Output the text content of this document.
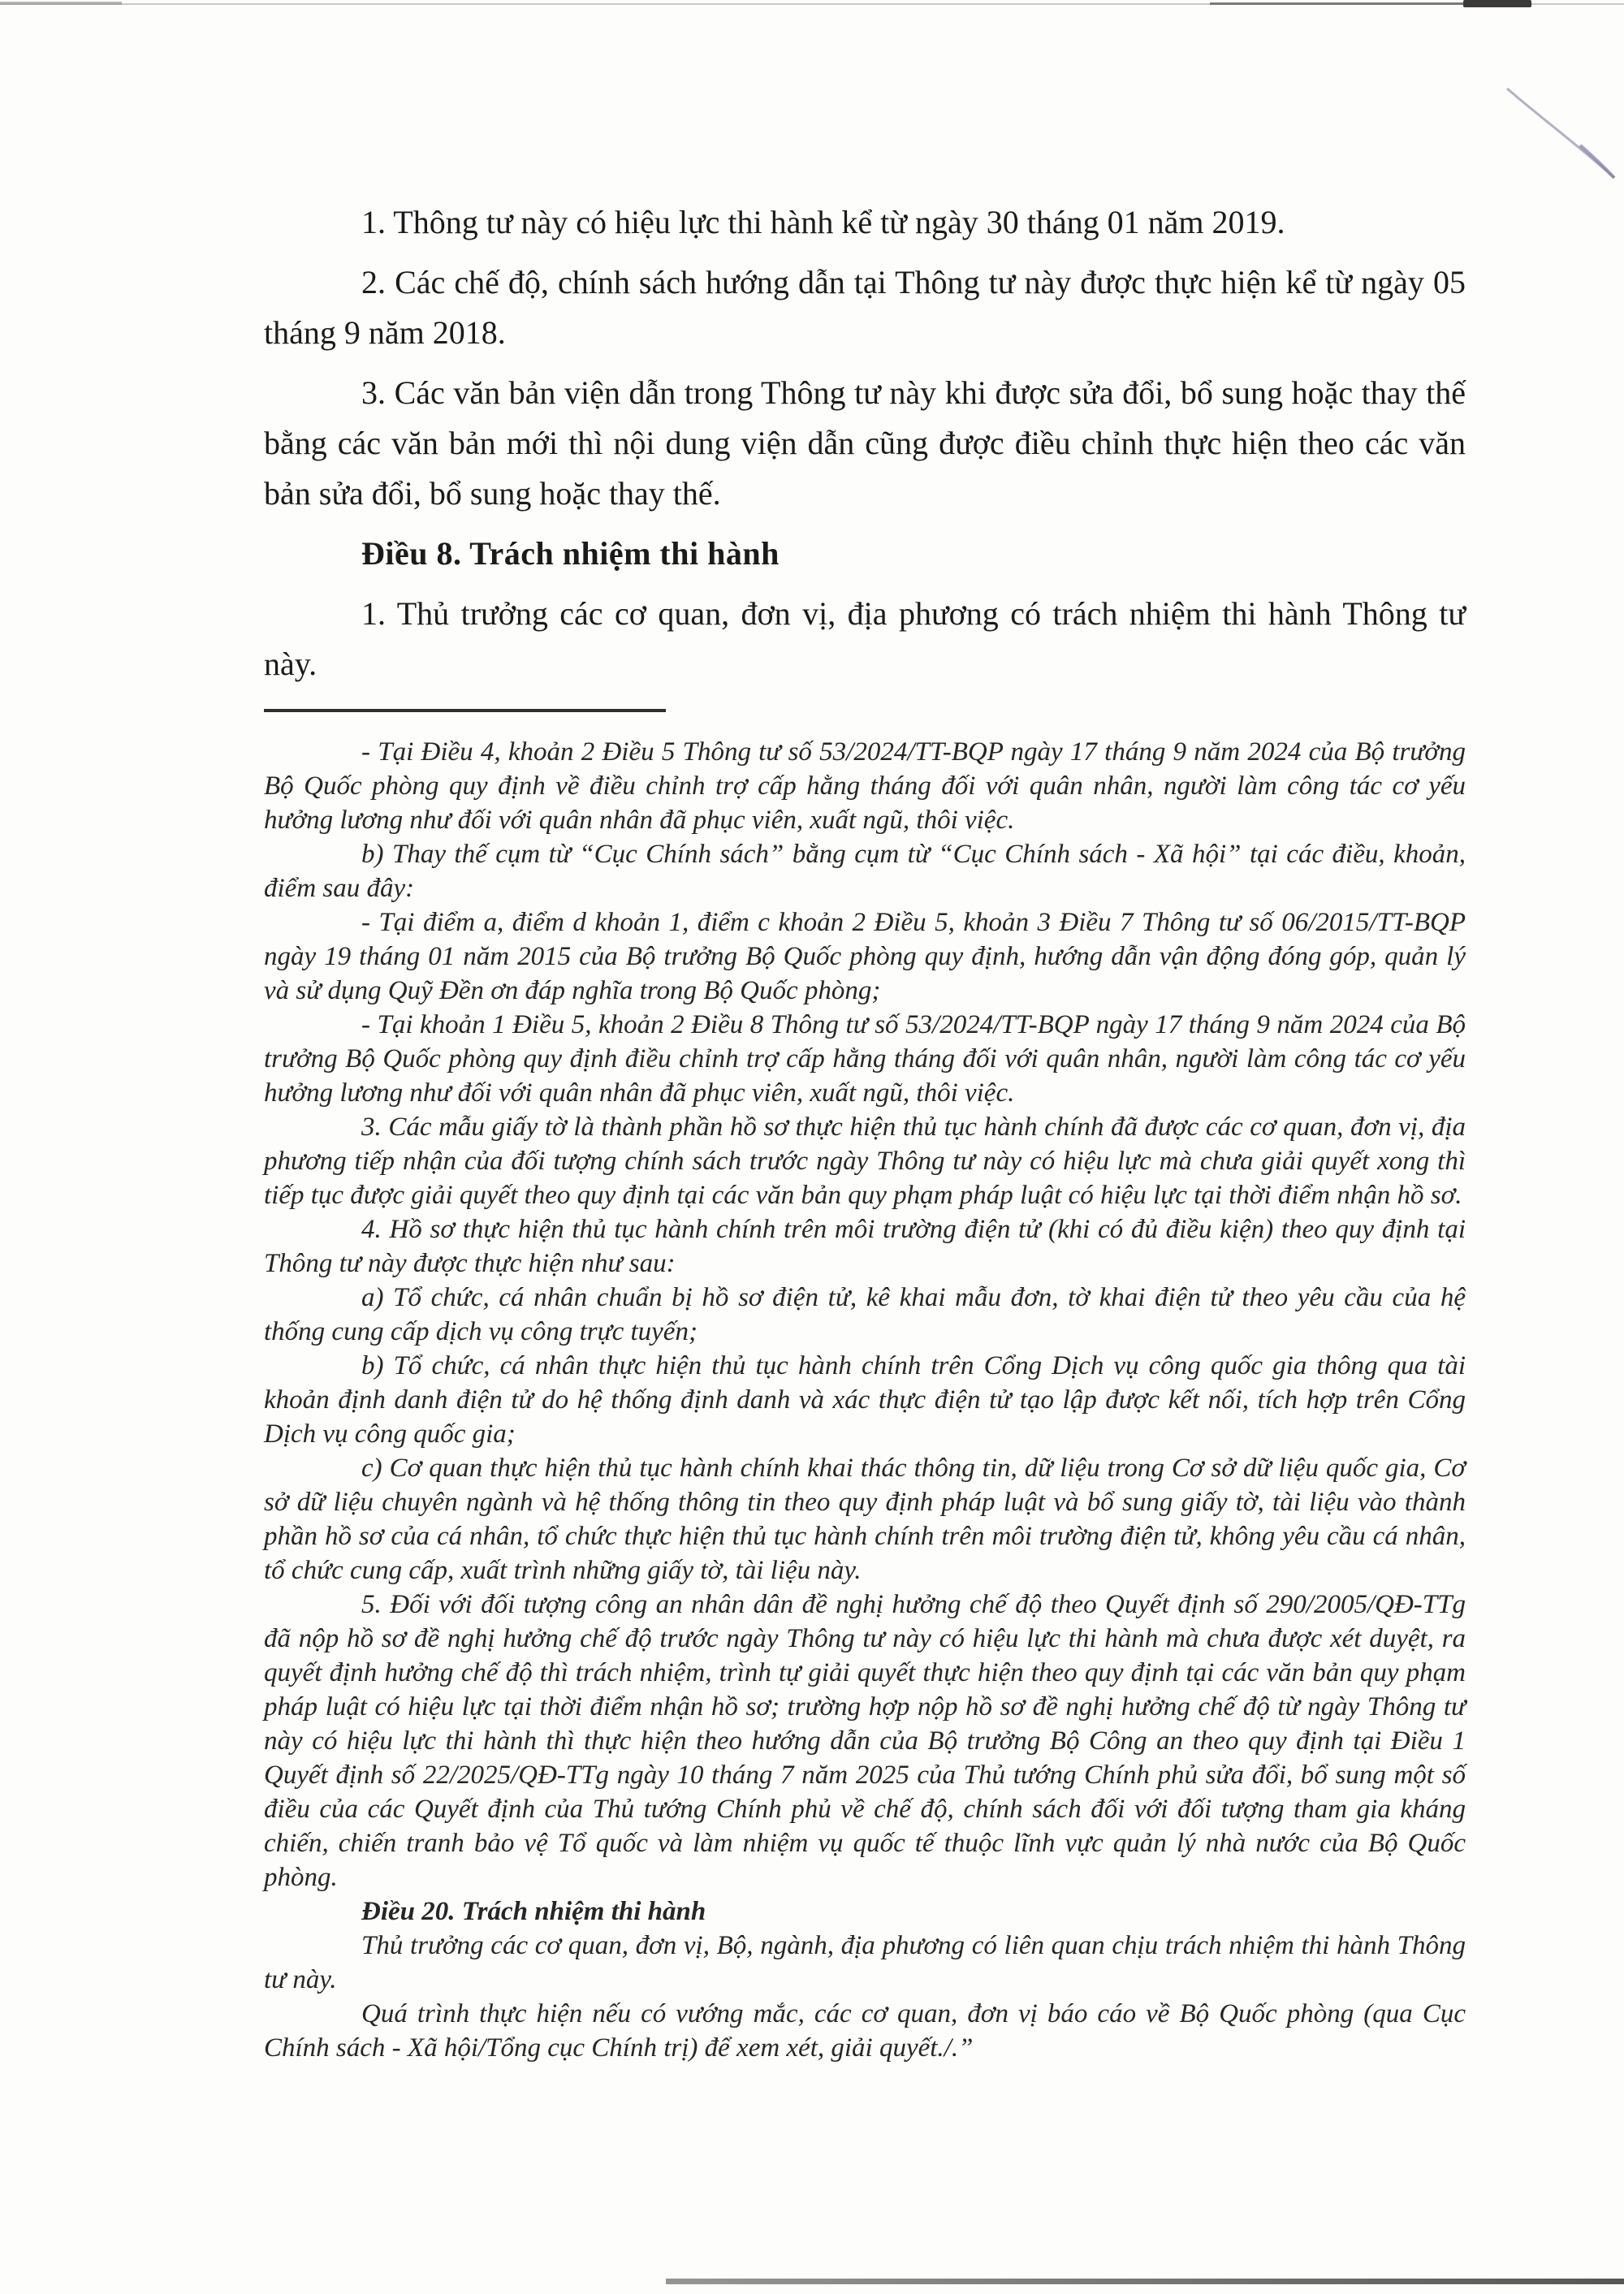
1. Thông tư này có hiệu lực thi hành kể từ ngày 30 tháng 01 năm 2019.

2. Các chế độ, chính sách hướng dẫn tại Thông tư này được thực hiện kể từ ngày 05 tháng 9 năm 2018.

3. Các văn bản viện dẫn trong Thông tư này khi được sửa đổi, bổ sung hoặc thay thế bằng các văn bản mới thì nội dung viện dẫn cũng được điều chỉnh thực hiện theo các văn bản sửa đổi, bổ sung hoặc thay thế.

Điều 8. Trách nhiệm thi hành

1. Thủ trưởng các cơ quan, đơn vị, địa phương có trách nhiệm thi hành Thông tư này.

- Tại Điều 4, khoản 2 Điều 5 Thông tư số 53/2024/TT-BQP ngày 17 tháng 9 năm 2024 của Bộ trưởng Bộ Quốc phòng quy định về điều chỉnh trợ cấp hằng tháng đối với quân nhân, người làm công tác cơ yếu hưởng lương như đối với quân nhân đã phục viên, xuất ngũ, thôi việc.

b) Thay thế cụm từ “Cục Chính sách” bằng cụm từ “Cục Chính sách - Xã hội” tại các điều, khoản, điểm sau đây:

- Tại điểm a, điểm d khoản 1, điểm c khoản 2 Điều 5, khoản 3 Điều 7 Thông tư số 06/2015/TT-BQP ngày 19 tháng 01 năm 2015 của Bộ trưởng Bộ Quốc phòng quy định, hướng dẫn vận động đóng góp, quản lý và sử dụng Quỹ Đền ơn đáp nghĩa trong Bộ Quốc phòng;

- Tại khoản 1 Điều 5, khoản 2 Điều 8 Thông tư số 53/2024/TT-BQP ngày 17 tháng 9 năm 2024 của Bộ trưởng Bộ Quốc phòng quy định điều chỉnh trợ cấp hằng tháng đối với quân nhân, người làm công tác cơ yếu hưởng lương như đối với quân nhân đã phục viên, xuất ngũ, thôi việc.

3. Các mẫu giấy tờ là thành phần hồ sơ thực hiện thủ tục hành chính đã được các cơ quan, đơn vị, địa phương tiếp nhận của đối tượng chính sách trước ngày Thông tư này có hiệu lực mà chưa giải quyết xong thì tiếp tục được giải quyết theo quy định tại các văn bản quy phạm pháp luật có hiệu lực tại thời điểm nhận hồ sơ.

4. Hồ sơ thực hiện thủ tục hành chính trên môi trường điện tử (khi có đủ điều kiện) theo quy định tại Thông tư này được thực hiện như sau:

a) Tổ chức, cá nhân chuẩn bị hồ sơ điện tử, kê khai mẫu đơn, tờ khai điện tử theo yêu cầu của hệ thống cung cấp dịch vụ công trực tuyến;

b) Tổ chức, cá nhân thực hiện thủ tục hành chính trên Cổng Dịch vụ công quốc gia thông qua tài khoản định danh điện tử do hệ thống định danh và xác thực điện tử tạo lập được kết nối, tích hợp trên Cổng Dịch vụ công quốc gia;

c) Cơ quan thực hiện thủ tục hành chính khai thác thông tin, dữ liệu trong Cơ sở dữ liệu quốc gia, Cơ sở dữ liệu chuyên ngành và hệ thống thông tin theo quy định pháp luật và bổ sung giấy tờ, tài liệu vào thành phần hồ sơ của cá nhân, tổ chức thực hiện thủ tục hành chính trên môi trường điện tử, không yêu cầu cá nhân, tổ chức cung cấp, xuất trình những giấy tờ, tài liệu này.

5. Đối với đối tượng công an nhân dân đề nghị hưởng chế độ theo Quyết định số 290/2005/QĐ-TTg đã nộp hồ sơ đề nghị hưởng chế độ trước ngày Thông tư này có hiệu lực thi hành mà chưa được xét duyệt, ra quyết định hưởng chế độ thì trách nhiệm, trình tự giải quyết thực hiện theo quy định tại các văn bản quy phạm pháp luật có hiệu lực tại thời điểm nhận hồ sơ; trường hợp nộp hồ sơ đề nghị hưởng chế độ từ ngày Thông tư này có hiệu lực thi hành thì thực hiện theo hướng dẫn của Bộ trưởng Bộ Công an theo quy định tại Điều 1 Quyết định số 22/2025/QĐ-TTg ngày 10 tháng 7 năm 2025 của Thủ tướng Chính phủ sửa đổi, bổ sung một số điều của các Quyết định của Thủ tướng Chính phủ về chế độ, chính sách đối với đối tượng tham gia kháng chiến, chiến tranh bảo vệ Tổ quốc và làm nhiệm vụ quốc tế thuộc lĩnh vực quản lý nhà nước của Bộ Quốc phòng.

Điều 20. Trách nhiệm thi hành

Thủ trưởng các cơ quan, đơn vị, Bộ, ngành, địa phương có liên quan chịu trách nhiệm thi hành Thông tư này.

Quá trình thực hiện nếu có vướng mắc, các cơ quan, đơn vị báo cáo về Bộ Quốc phòng (qua Cục Chính sách - Xã hội/Tổng cục Chính trị) để xem xét, giải quyết./.”
